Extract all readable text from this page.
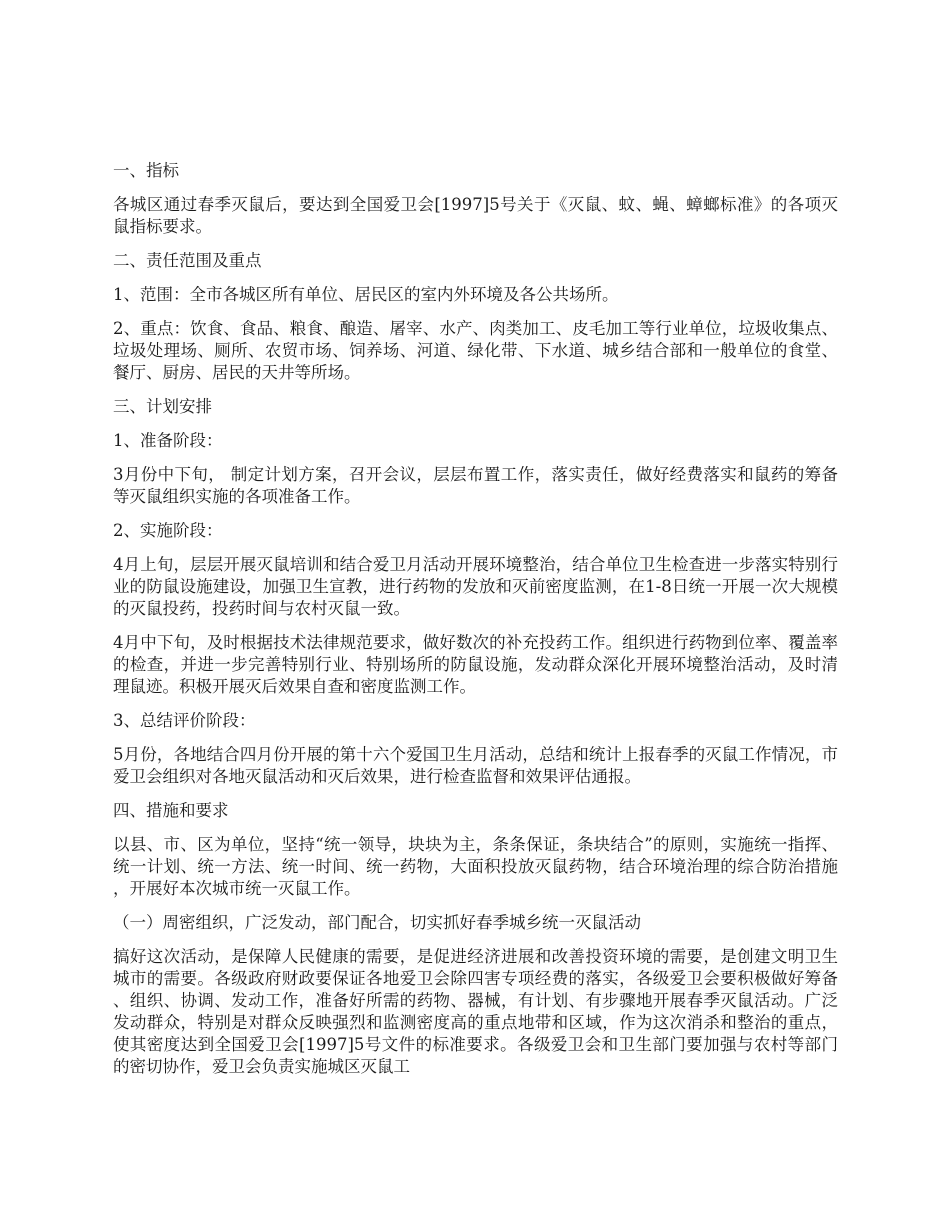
一、指标

各城区通过春季灭鼠后，要达到全国爱卫会[1997]5号关于《灭鼠、蚊、蝇、蟑螂标准》的各项灭鼠指标要求。

二、责任范围及重点

1、范围：全市各城区所有单位、居民区的室内外环境及各公共场所。

2、重点：饮食、食品、粮食、酿造、屠宰、水产、肉类加工、皮毛加工等行业单位，垃圾收集点、垃圾处理场、厕所、农贸市场、饲养场、河道、绿化带、下水道、城乡结合部和一般单位的食堂、餐厅、厨房、居民的天井等所场。

三、计划安排

1、准备阶段：

3月份中下旬， 制定计划方案，召开会议，层层布置工作，落实责任，做好经费落实和鼠药的筹备等灭鼠组织实施的各项准备工作。

2、实施阶段：

4月上旬，层层开展灭鼠培训和结合爱卫月活动开展环境整治，结合单位卫生检查进一步落实特别行业的防鼠设施建设，加强卫生宣教，进行药物的发放和灭前密度监测，在1-8日统一开展一次大规模的灭鼠投药，投药时间与农村灭鼠一致。

4月中下旬，及时根据技术法律规范要求，做好数次的补充投药工作。组织进行药物到位率、覆盖率的检查，并进一步完善特别行业、特别场所的防鼠设施，发动群众深化开展环境整治活动，及时清理鼠迹。积极开展灭后效果自查和密度监测工作。

3、总结评价阶段：

5月份，各地结合四月份开展的第十六个爱国卫生月活动，总结和统计上报春季的灭鼠工作情况，市爱卫会组织对各地灭鼠活动和灭后效果，进行检查监督和效果评估通报。

四、措施和要求

以县、市、区为单位，坚持“统一领导，块块为主，条条保证，条块结合”的原则，实施统一指挥、统一计划、统一方法、统一时间、统一药物，大面积投放灭鼠药物，结合环境治理的综合防治措施，开展好本次城市统一灭鼠工作。

（一）周密组织，广泛发动，部门配合，切实抓好春季城乡统一灭鼠活动

搞好这次活动，是保障人民健康的需要，是促进经济进展和改善投资环境的需要，是创建文明卫生城市的需要。各级政府财政要保证各地爱卫会除四害专项经费的落实，各级爱卫会要积极做好筹备、组织、协调、发动工作，准备好所需的药物、器械，有计划、有步骤地开展春季灭鼠活动。广泛发动群众，特别是对群众反映强烈和监测密度高的重点地带和区域，作为这次消杀和整治的重点，使其密度达到全国爱卫会[1997]5号文件的标准要求。各级爱卫会和卫生部门要加强与农村等部门的密切协作，爱卫会负责实施城区灭鼠工
